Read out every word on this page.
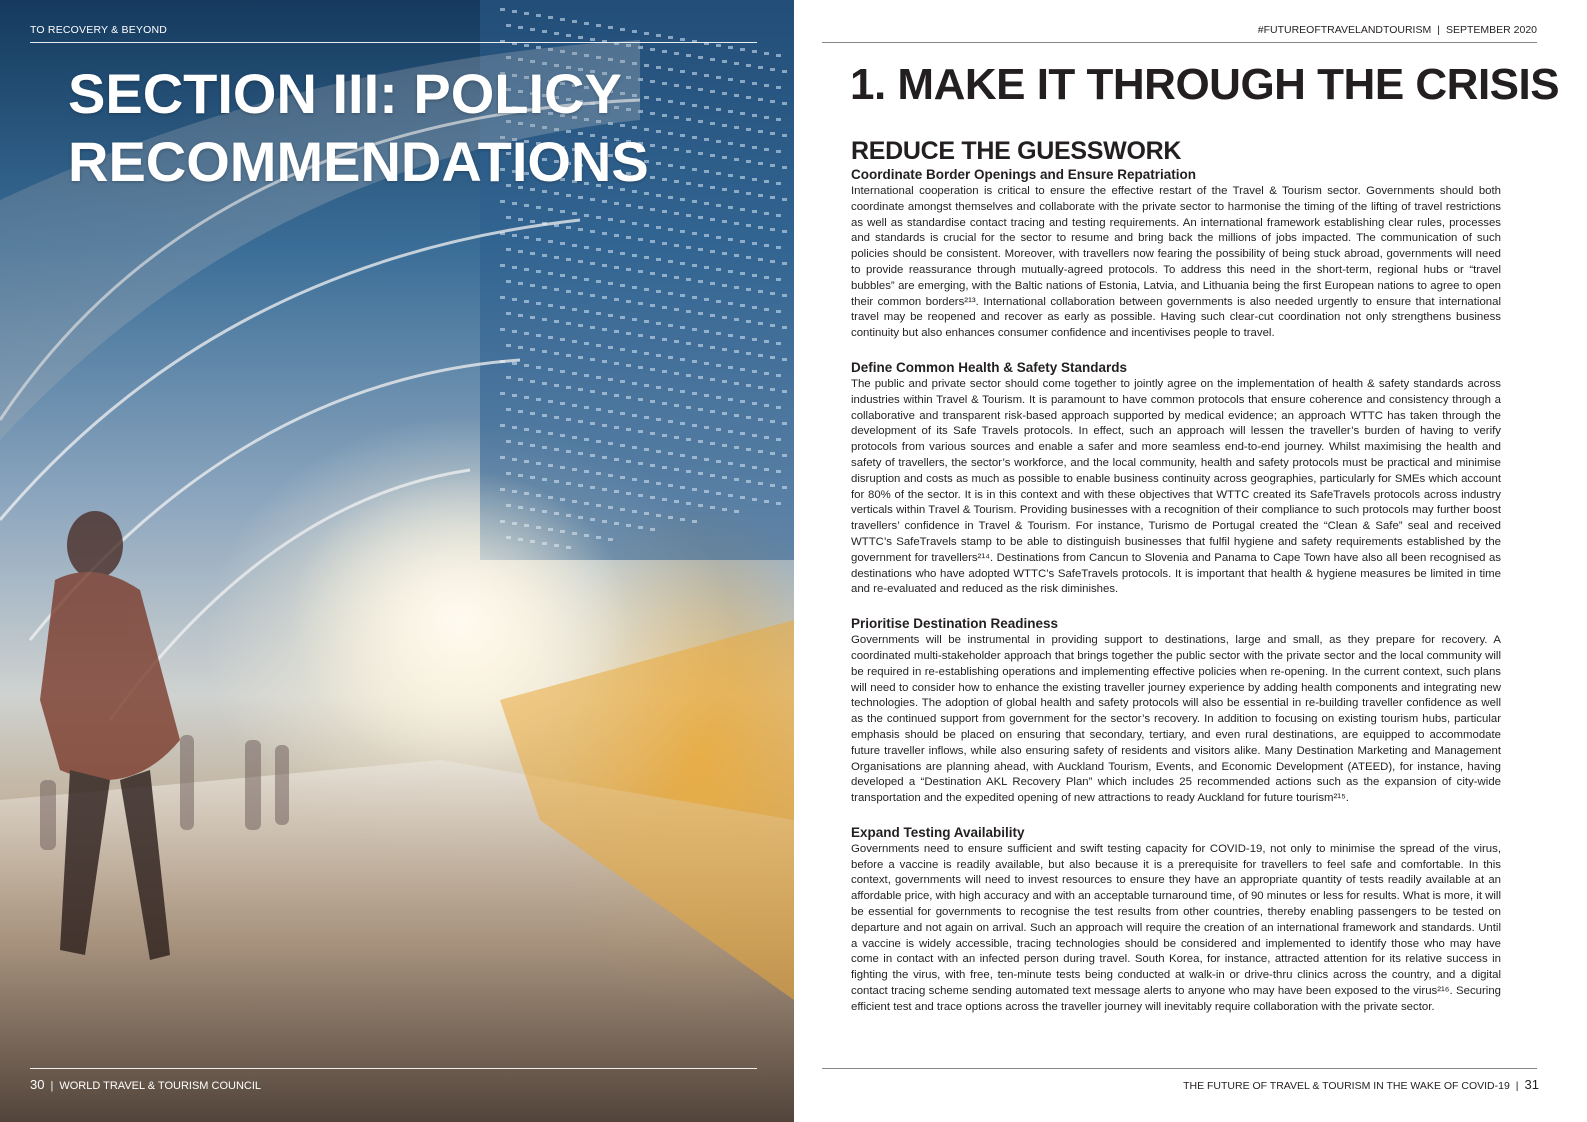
TO RECOVERY & BEYOND
SECTION III: POLICY
RECOMMENDATIONS
30 | WORLD TRAVEL & TOURISM COUNCIL
#FUTUREOFTRAVELANDTOURISM | SEPTEMBER 2020
1. MAKE IT THROUGH THE CRISIS
REDUCE THE GUESSWORK
Coordinate Border Openings and Ensure Repatriation

International cooperation is critical to ensure the effective restart of the Travel & Tourism sector. Governments should both coordinate amongst themselves and collaborate with the private sector to harmonise the timing of the lifting of travel restrictions as well as standardise contact tracing and testing requirements. An international framework establishing clear rules, processes and standards is crucial for the sector to resume and bring back the millions of jobs impacted. The communication of such policies should be consistent. Moreover, with travellers now fearing the possibility of being stuck abroad, governments will need to provide reassurance through mutually-agreed protocols. To address this need in the short-term, regional hubs or “travel bubbles” are emerging, with the Baltic nations of Estonia, Latvia, and Lithuania being the first European nations to agree to open their common borders²¹³. International collaboration between governments is also needed urgently to ensure that international travel may be reopened and recover as early as possible. Having such clear-cut coordination not only strengthens business continuity but also enhances consumer confidence and incentivises people to travel.

Define Common Health & Safety Standards

The public and private sector should come together to jointly agree on the implementation of health & safety standards across industries within Travel & Tourism. It is paramount to have common protocols that ensure coherence and consistency through a collaborative and transparent risk-based approach supported by medical evidence; an approach WTTC has taken through the development of its Safe Travels protocols. In effect, such an approach will lessen the traveller’s burden of having to verify protocols from various sources and enable a safer and more seamless end-to-end journey. Whilst maximising the health and safety of travellers, the sector’s workforce, and the local community, health and safety protocols must be practical and minimise disruption and costs as much as possible to enable business continuity across geographies, particularly for SMEs which account for 80% of the sector. It is in this context and with these objectives that WTTC created its SafeTravels protocols across industry verticals within Travel & Tourism. Providing businesses with a recognition of their compliance to such protocols may further boost travellers’ confidence in Travel & Tourism. For instance, Turismo de Portugal created the “Clean & Safe” seal and received WTTC’s SafeTravels stamp to be able to distinguish businesses that fulfil hygiene and safety requirements established by the government for travellers²¹⁴. Destinations from Cancun to Slovenia and Panama to Cape Town have also all been recognised as destinations who have adopted WTTC’s SafeTravels protocols. It is important that health & hygiene measures be limited in time and re-evaluated and reduced as the risk diminishes.

Prioritise Destination Readiness

Governments will be instrumental in providing support to destinations, large and small, as they prepare for recovery. A coordinated multi-stakeholder approach that brings together the public sector with the private sector and the local community will be required in re-establishing operations and implementing effective policies when re-opening. In the current context, such plans will need to consider how to enhance the existing traveller journey experience by adding health components and integrating new technologies. The adoption of global health and safety protocols will also be essential in re-building traveller confidence as well as the continued support from government for the sector’s recovery. In addition to focusing on existing tourism hubs, particular emphasis should be placed on ensuring that secondary, tertiary, and even rural destinations, are equipped to accommodate future traveller inflows, while also ensuring safety of residents and visitors alike. Many Destination Marketing and Management Organisations are planning ahead, with Auckland Tourism, Events, and Economic Development (ATEED), for instance, having developed a “Destination AKL Recovery Plan” which includes 25 recommended actions such as the expansion of city-wide transportation and the expedited opening of new attractions to ready Auckland for future tourism²¹⁵.

Expand Testing Availability

Governments need to ensure sufficient and swift testing capacity for COVID-19, not only to minimise the spread of the virus, before a vaccine is readily available, but also because it is a prerequisite for travellers to feel safe and comfortable. In this context, governments will need to invest resources to ensure they have an appropriate quantity of tests readily available at an affordable price, with high accuracy and with an acceptable turnaround time, of 90 minutes or less for results. What is more, it will be essential for governments to recognise the test results from other countries, thereby enabling passengers to be tested on departure and not again on arrival. Such an approach will require the creation of an international framework and standards. Until a vaccine is widely accessible, tracing technologies should be considered and implemented to identify those who may have come in contact with an infected person during travel. South Korea, for instance, attracted attention for its relative success in fighting the virus, with free, ten-minute tests being conducted at walk-in or drive-thru clinics across the country, and a digital contact tracing scheme sending automated text message alerts to anyone who may have been exposed to the virus²¹⁶. Securing efficient test and trace options across the traveller journey will inevitably require collaboration with the private sector.

THE FUTURE OF TRAVEL & TOURISM IN THE WAKE OF COVID-19 | 31
